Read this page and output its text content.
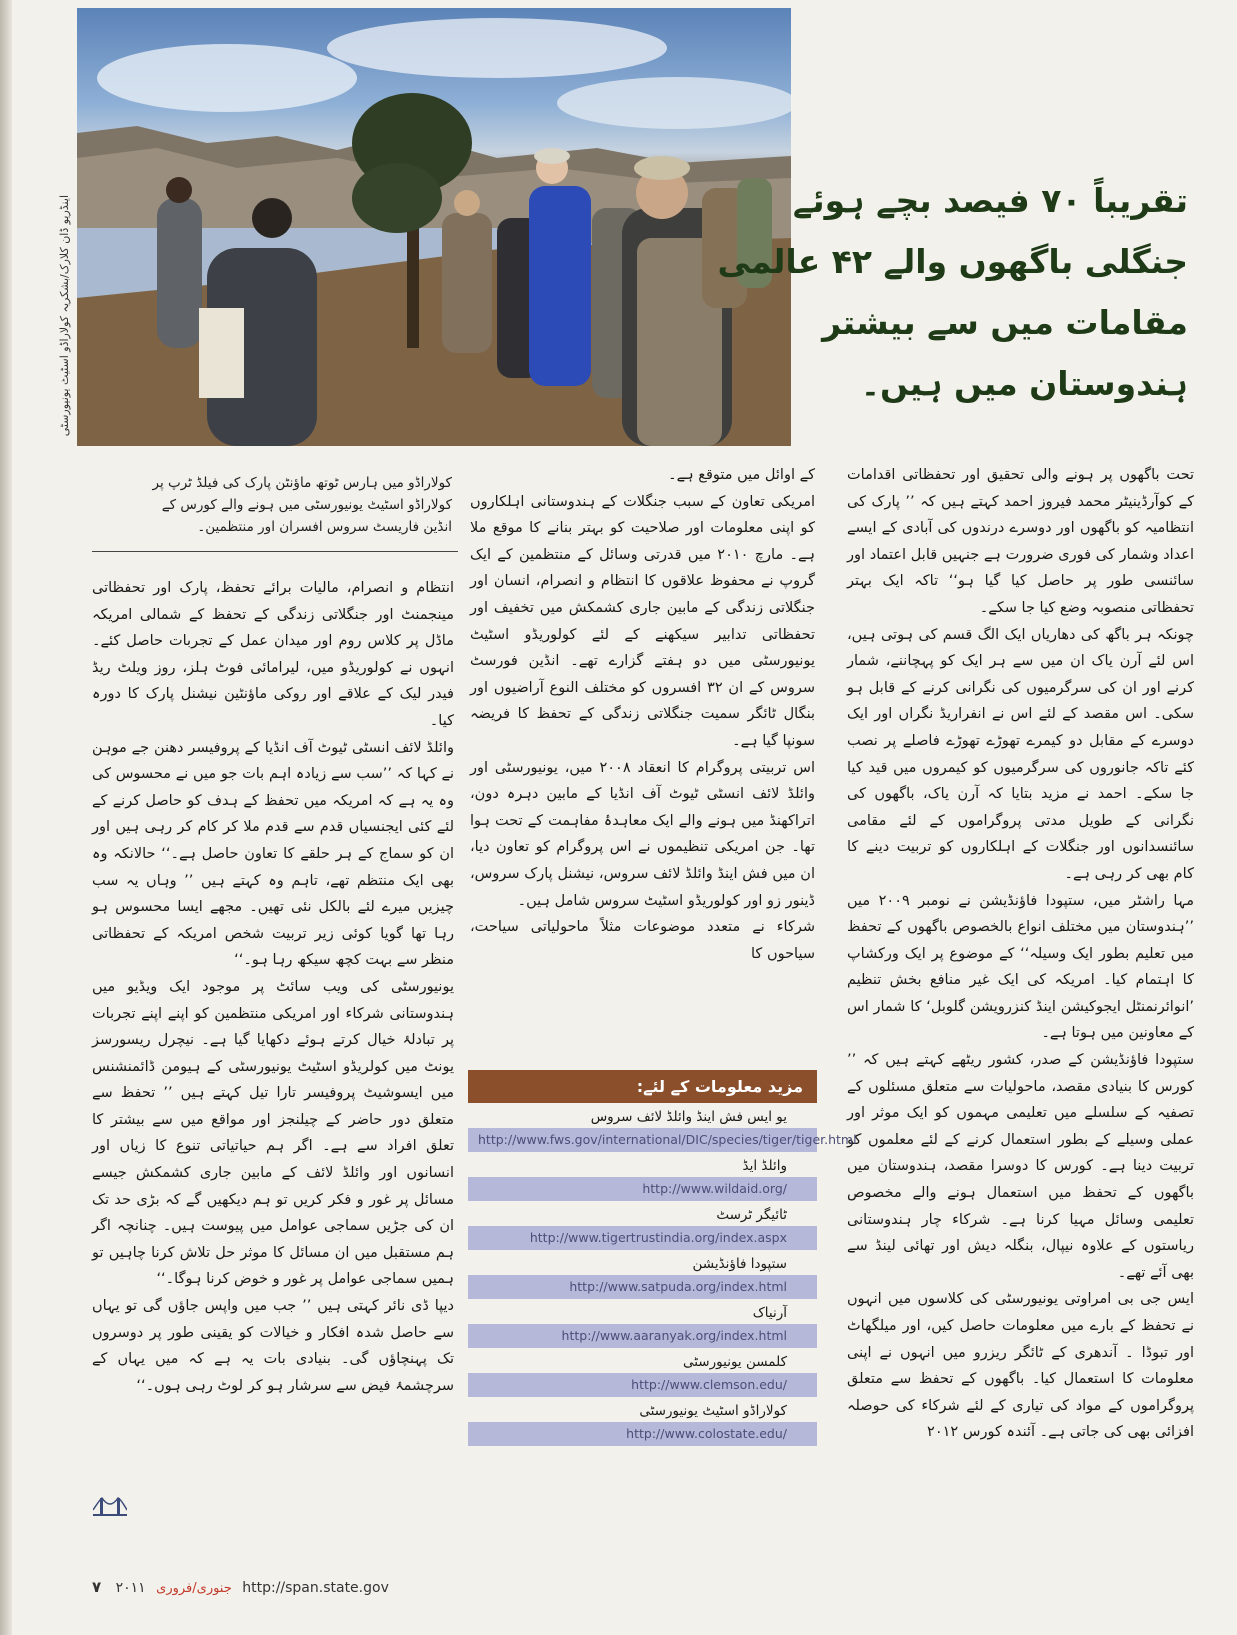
اینڈریو ڈان کلارک/بشکریہ کولاراڈو اسٹیٹ یونیورسٹی	تقریباً ۷۰ فیصد بچے ہوئے
جنگلی باگھوں والے ۴۲ عالمی
مقامات میں سے بیشتر
ہندوستان میں ہیں۔
کولاراڈو میں ہارس ٹوتھ ماؤنٹن پارک کی فیلڈ ٹرپ پر
کولاراڈو اسٹیٹ یونیورسٹی میں ہونے والے کورس کے
انڈین فاریسٹ سروس افسران اور منتظمین۔

تحت باگھوں پر ہونے والی تحقیق اور تحفظاتی اقدامات کے کوآرڈینیٹر محمد فیروز احمد کہتے ہیں کہ ’’ پارک کی انتظامیہ کو باگھوں اور دوسرے درندوں کی آبادی کے ایسے اعداد وشمار کی فوری ضرورت ہے جنہیں قابل اعتماد اور سائنسی طور پر حاصل کیا گیا ہو‘‘ تاکہ ایک بہتر تحفظاتی منصوبہ وضع کیا جا سکے۔

چونکہ ہر باگھ کی دھاریاں ایک الگ قسم کی ہوتی ہیں، اس لئے آرن یاک ان میں سے ہر ایک کو پہچاننے، شمار کرنے اور ان کی سرگرمیوں کی نگرانی کرنے کے قابل ہو سکی۔ اس مقصد کے لئے اس نے انفراریڈ نگراں اور ایک دوسرے کے مقابل دو کیمرے تھوڑے تھوڑے فاصلے پر نصب کئے تاکہ جانوروں کی سرگرمیوں کو کیمروں میں قید کیا جا سکے۔ احمد نے مزید بتایا کہ آرن یاک، باگھوں کی نگرانی کے طویل مدتی پروگراموں کے لئے مقامی سائنسدانوں اور جنگلات کے اہلکاروں کو تربیت دینے کا کام بھی کر رہی ہے۔

مہا راشٹر میں، ستپودا فاؤنڈیشن نے نومبر ۲۰۰۹ میں ’’ہندوستان میں مختلف انواع بالخصوص باگھوں کے تحفظ میں تعلیم بطور ایک وسیلہ‘‘ کے موضوع پر ایک ورکشاپ کا اہتمام کیا۔ امریکہ کی ایک غیر منافع بخش تنظیم ’انوائرنمنٹل ایجوکیشن اینڈ کنزرویشن گلوبل‘ کا شمار اس کے معاونین میں ہوتا ہے۔

ستپودا فاؤنڈیشن کے صدر، کشور ریٹھے کہتے ہیں کہ ’’ کورس کا بنیادی مقصد، ماحولیات سے متعلق مسئلوں کے تصفیہ کے سلسلے میں تعلیمی مہموں کو ایک موثر اور عملی وسیلے کے بطور استعمال کرنے کے لئے معلموں کو تربیت دینا ہے۔ کورس کا دوسرا مقصد، ہندوستان میں باگھوں کے تحفظ میں استعمال ہونے والے مخصوص تعلیمی وسائل مہیا کرنا ہے۔ شرکاء چار ہندوستانی ریاستوں کے علاوہ نیپال، بنگلہ دیش اور تھائی لینڈ سے بھی آئے تھے۔

ایس جی بی امراوتی یونیورسٹی کی کلاسوں میں انہوں نے تحفظ کے بارے میں معلومات حاصل کیں، اور میلگھاٹ اور تبوڈا ۔ آندھری کے ٹائگر ریزرو میں انہوں نے اپنی معلومات کا استعمال کیا۔ باگھوں کے تحفظ سے متعلق پروگراموں کے مواد کی تیاری کے لئے شرکاء کی حوصلہ افزائی بھی کی جاتی ہے۔ آئندہ کورس ۲۰۱۲

کے اوائل میں متوقع ہے۔

امریکی تعاون کے سبب جنگلات کے ہندوستانی اہلکاروں کو اپنی معلومات اور صلاحیت کو بہتر بنانے کا موقع ملا ہے۔ مارچ ۲۰۱۰ میں قدرتی وسائل کے منتظمین کے ایک گروپ نے محفوظ علاقوں کا انتظام و انصرام، انسان اور جنگلاتی زندگی کے مابین جاری کشمکش میں تخفیف اور تحفظاتی تدابیر سیکھنے کے لئے کولوریڈو اسٹیٹ یونیورسٹی میں دو ہفتے گزارے تھے۔ انڈین فورسٹ سروس کے ان ۳۲ افسروں کو مختلف النوع آراضیوں اور بنگال ٹائگر سمیت جنگلاتی زندگی کے تحفظ کا فریضہ سونپا گیا ہے۔

اس تربیتی پروگرام کا انعقاد ۲۰۰۸ میں، یونیورسٹی اور وائلڈ لائف انسٹی ٹیوٹ آف انڈیا کے مابین دہرہ دون، اتراکھنڈ میں ہونے والے ایک معاہدۂ مفاہمت کے تحت ہوا تھا۔ جن امریکی تنظیموں نے اس پروگرام کو تعاون دیا، ان میں فش اینڈ وائلڈ لائف سروس، نیشنل پارک سروس، ڈینور زو اور کولوریڈو اسٹیٹ سروس شامل ہیں۔

شرکاء نے متعدد موضوعات مثلاً ماحولیاتی سیاحت، سیاحوں کا

انتظام و انصرام، مالیات برائے تحفظ، پارک اور تحفظاتی مینجمنٹ اور جنگلاتی زندگی کے تحفظ کے شمالی امریکہ ماڈل پر کلاس روم اور میدان عمل کے تجربات حاصل کئے۔ انہوں نے کولوریڈو میں، لیرامائی فوٹ ہلز، روز ویلٹ ریڈ فیدر لیک کے علاقے اور روکی ماؤنٹین نیشنل پارک کا دورہ کیا۔

وائلڈ لائف انسٹی ٹیوٹ آف انڈیا کے پروفیسر دھنن جے موہن نے کہا کہ ’’سب سے زیادہ اہم بات جو میں نے محسوس کی وہ یہ ہے کہ امریکہ میں تحفظ کے ہدف کو حاصل کرنے کے لئے کئی ایجنسیاں قدم سے قدم ملا کر کام کر رہی ہیں اور ان کو سماج کے ہر حلقے کا تعاون حاصل ہے۔‘‘ حالانکہ وہ بھی ایک منتظم تھے، تاہم وہ کہتے ہیں ’’ وہاں یہ سب چیزیں میرے لئے بالکل نئی تھیں۔ مجھے ایسا محسوس ہو رہا تھا گویا کوئی زیر تربیت شخص امریکہ کے تحفظاتی منظر سے بہت کچھ سیکھ رہا ہو۔‘‘

یونیورسٹی کی ویب سائٹ پر موجود ایک ویڈیو میں ہندوستانی شرکاء اور امریکی منتظمین کو اپنے اپنے تجربات پر تبادلۂ خیال کرتے ہوئے دکھایا گیا ہے۔ نیچرل ریسورسز یونٹ میں کولریڈو اسٹیٹ یونیورسٹی کے ہیومن ڈائمنشنس میں ایسوشیٹ پروفیسر تارا تیل کہتے ہیں ’’ تحفظ سے متعلق دور حاضر کے چیلنجز اور مواقع میں سے بیشتر کا تعلق افراد سے ہے۔ اگر ہم حیاتیاتی تنوع کا زیاں اور انسانوں اور وائلڈ لائف کے مابین جاری کشمکش جیسے مسائل پر غور و فکر کریں تو ہم دیکھیں گے کہ بڑی حد تک ان کی جڑیں سماجی عوامل میں پیوست ہیں۔ چنانچہ اگر ہم مستقبل میں ان مسائل کا موثر حل تلاش کرنا چاہیں تو ہمیں سماجی عوامل پر غور و خوض کرنا ہوگا۔‘‘

دیپا ڈی نائر کہتی ہیں ’’ جب میں واپس جاؤں گی تو یہاں سے حاصل شدہ افکار و خیالات کو یقینی طور پر دوسروں تک پہنچاؤں گی۔ بنیادی بات یہ ہے کہ میں یہاں کے سرچشمۂ فیض سے سرشار ہو کر لوٹ رہی ہوں۔‘‘

مزید معلومات کے لئے:
یو ایس فش اینڈ وائلڈ لائف سروس
http://www.fws.gov/international/DIC/species/tiger/tiger.html
وائلڈ ایڈ
http://www.wildaid.org/
ٹائیگر ٹرسٹ
http://www.tigertrustindia.org/index.aspx
ستپودا فاؤنڈیشن
http://www.satpuda.org/index.html
آرنیاک
http://www.aaranyak.org/index.html
کلمسن یونیورسٹی
http://www.clemson.edu/
کولاراڈو اسٹیٹ یونیورسٹی
http://www.colostate.edu/
۷ ۲۰۱۱ جنوری/فروری http://span.state.gov
